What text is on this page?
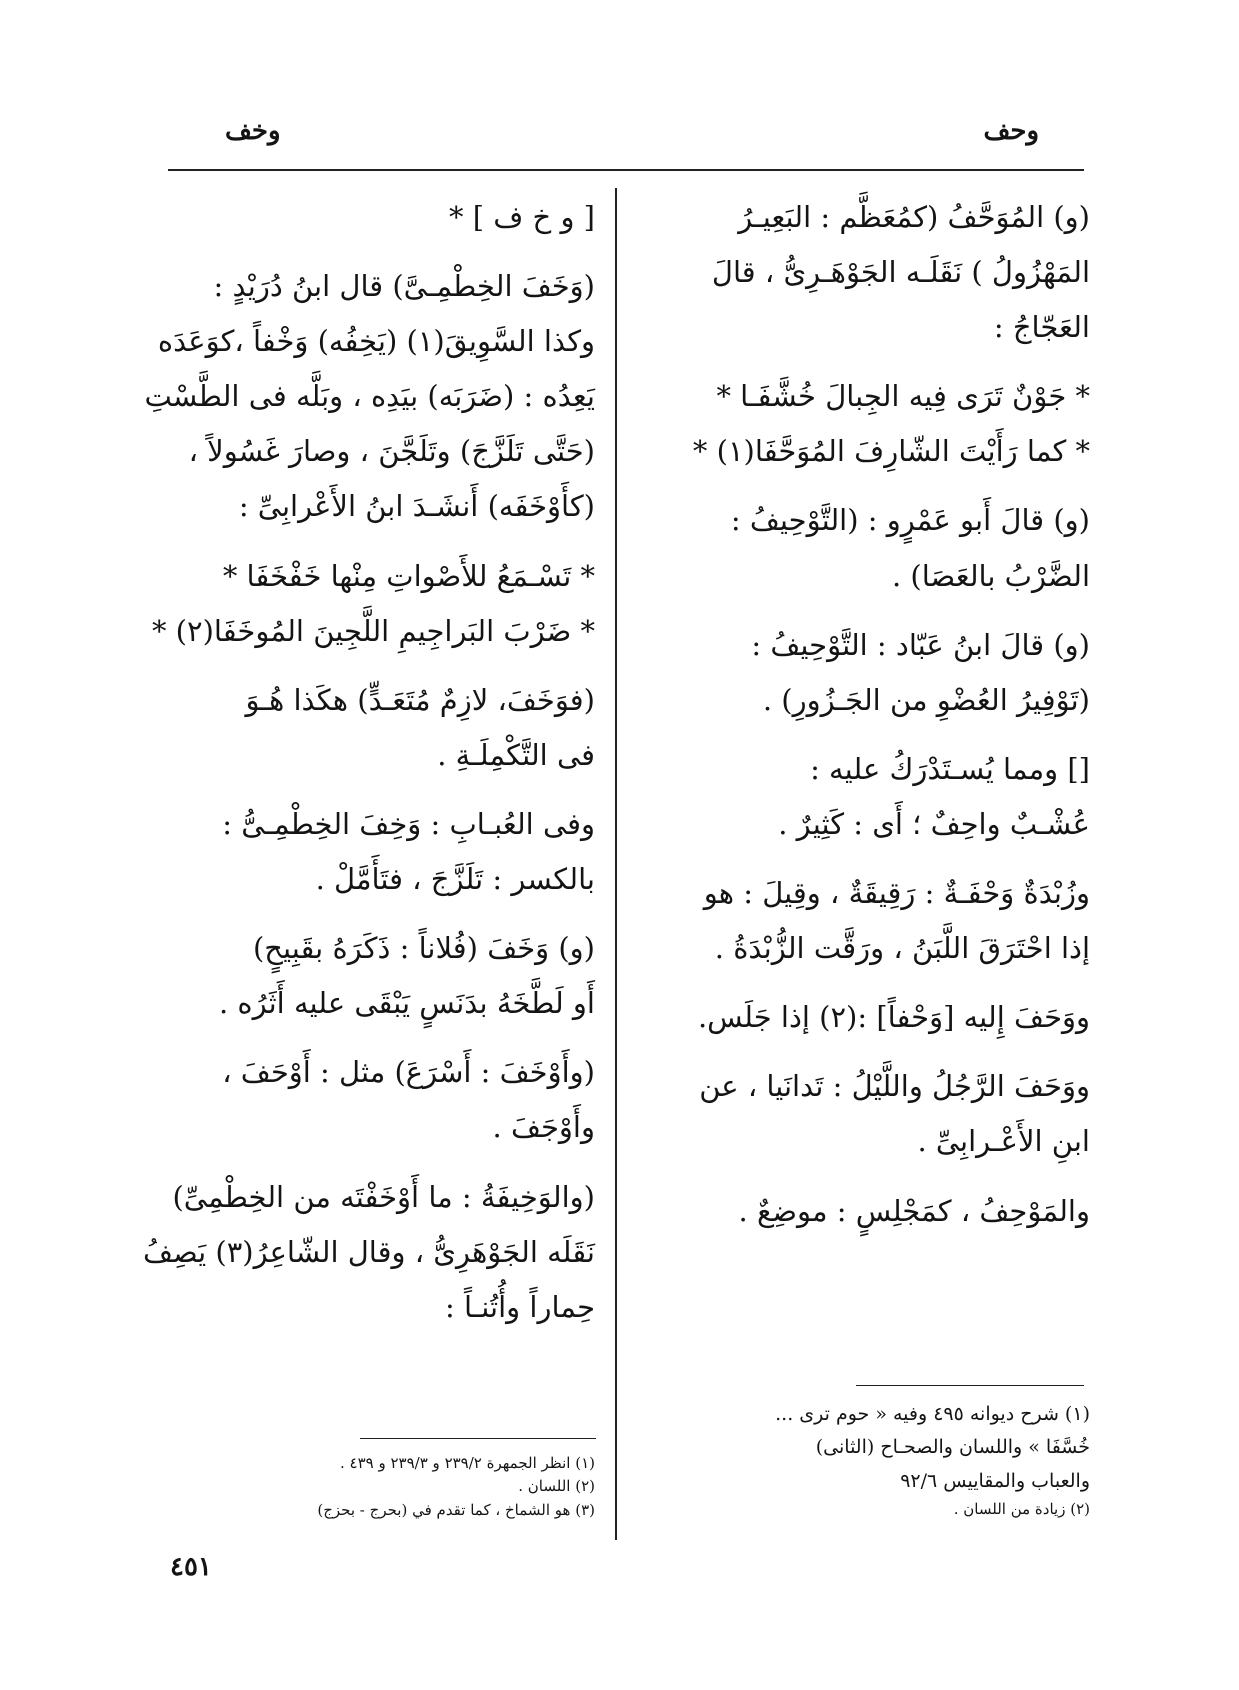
وحف
وخف
(و) المُوَحَّفُ (كمُعَظَّم : البَعِيـرُ
المَهْزُولُ ) نَقَلَـه الجَوْهَـرِىُّ ، قالَ
العَجّاجُ :
* جَوْنٌ تَرَى فِيه الجِبالَ خُشَّفَـا *
* كما رَأَيْتَ الشّارِفَ المُوَحَّفَا(١) *
(و) قالَ أَبو عَمْرٍو : (التَّوْحِيفُ :
الضَّرْبُ بالعَصَا) .
(و) قالَ ابنُ عَبّاد : التَّوْحِيفُ :
(تَوْفِيرُ العُضْوِ من الجَـزُورِ) .
[] ومما يُسـتَدْرَكُ عليه :
عُشْـبٌ واحِفٌ ؛ أَى : كَثِيرٌ .
وزُبْدَةٌ وَحْفَـةٌ : رَقِيقَةٌ ، وقِيلَ : هو
إذا احْتَرَقَ اللَّبَنُ ، ورَقَّت الزُّبْدَةُ .
ووَحَفَ إِليه [وَحْفاً] :(٢) إذا جَلَس.
ووَحَفَ الرَّجُلُ واللَّيْلُ : تَدانَيا ، عن
ابنِ الأَعْـرابِىِّ .
والمَوْحِفُ ، كمَجْلِسٍ : موضِعٌ .
[ و خ ف ] *
(وَخَفَ الخِطْمِـىَّ) قال ابنُ دُرَيْدٍ :
وكذا السَّوِيقَ(١) (يَخِفُه) وَخْفاً ،كوَعَدَه
يَعِدُه : (ضَرَبَه) بيَدِه ، وبَلَّه فى الطَّسْتِ
(حَتَّى تَلَزَّجَ) وتَلَجَّنَ ، وصارَ غَسُولاً ،
(كأَوْخَفَه) أَنشَـدَ ابنُ الأَعْرابِىِّ :
* تَسْـمَعُ للأَصْواتِ مِنْها خَفْخَفَا *
* ضَرْبَ البَراجِيمِ اللَّجِينَ المُوخَفَا(٢) *
(فوَخَفَ، لازِمٌ مُتَعَـدٍّ) هكَذا هُـوَ
فى التَّكْمِلَـةِ .
وفى العُبـابِ : وَخِفَ الخِطْمِـىُّ :
بالكسر : تَلَزَّجَ ، فتَأَمَّلْ .
(و) وَخَفَ (فُلاناً : ذَكَرَهُ بقَبِيحٍ)
أَو لَطَّخَهُ بدَنَسٍ يَبْقَى عليه أَثَرُه .
(وأَوْخَفَ : أَسْرَعَ) مثل : أَوْحَفَ ،
وأَوْجَفَ .
(والوَخِيفَةُ : ما أَوْخَفْتَه من الخِطْمِىِّ)
نَقَلَه الجَوْهَرِىُّ ، وقال الشّاعِرُ(٣) يَصِفُ
حِماراً وأُتُنـاً :
(١) شرح ديوانه ٤٩٥ وفيه « حوم ترى ...
خُسَّفَا » واللسان والصحـاح (الثانى)
والعباب والمقاييس ٩٢/٦
(٢) زيادة من اللسان .
(١) انظر الجمهرة ٢٣٩/٢ و ٢٣٩/٣ و ٤٣٩ .
(٢) اللسان .
(٣) هو الشماخ ، كما تقدم في (بحرج - بحزج)
٤٥١
